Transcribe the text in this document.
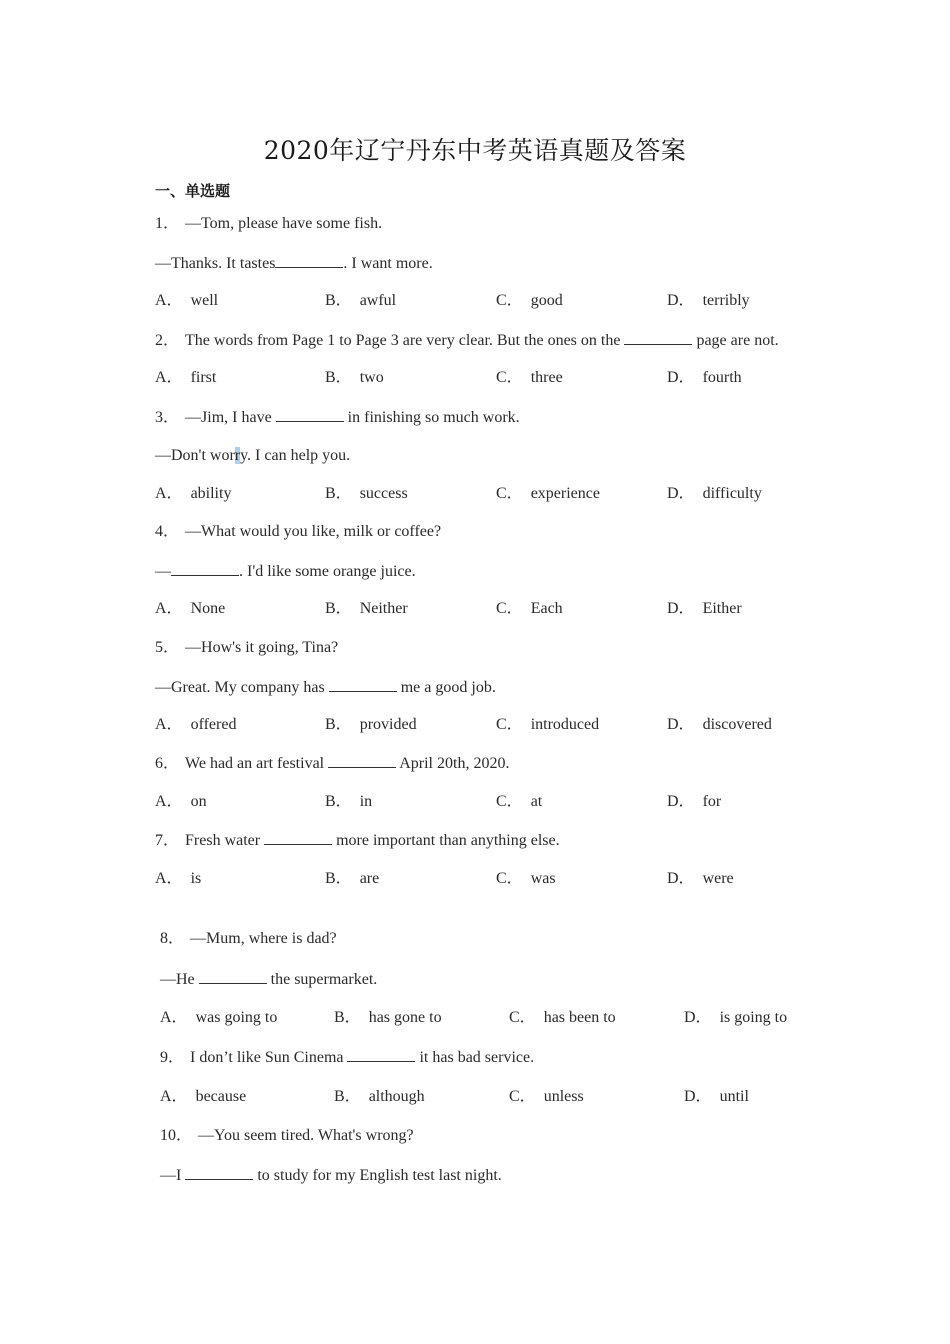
2020年辽宁丹东中考英语真题及答案
一、单选题
1． —Tom, please have some fish.
—Thanks. It tastes	. I want more.
A． well	B． awful	C． good	D． terribly
2． The words from Page 1 to Page 3 are very clear. But the ones on the	page are not.
A． first	B． two	C． three	D． fourth
3． —Jim, I have	in finishing so much work.
—Don't worry. I can help you.
A． ability	B． success	C． experience	D． difficulty
4． —What would you like, milk or coffee?
—	. I'd like some orange juice.
A． None	B． Neither	C． Each	D． Either
5． —How's it going, Tina?
—Great. My company has	me a good job.
A． offered	B． provided	C． introduced	D． discovered
6． We had an art festival	April 20th, 2020.
A． on	B． in	C． at	D． for
7． Fresh water	more important than anything else.
A． is	B． are	C． was	D． were
8． —Mum, where is dad?
—He	the supermarket.
A． was going to	B． has gone to	C． has been to	D． is going to
9． I don’t like Sun Cinema	it has bad service.
A． because	B． although	C． unless	D． until
10． —You seem tired. What's wrong?
—I	to study for my English test last night.
